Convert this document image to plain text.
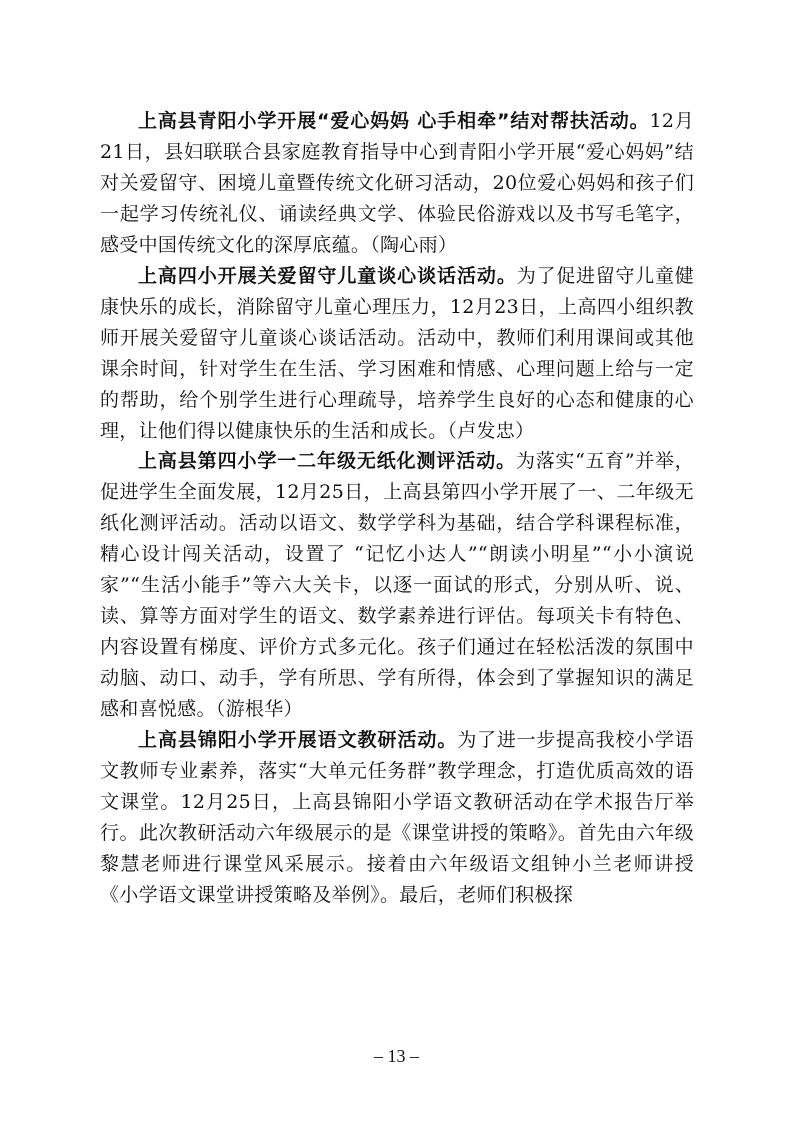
上高县青阳小学开展“爱心妈妈 心手相牵”结对帮扶活动。12月21日，县妇联联合县家庭教育指导中心到青阳小学开展“爱心妈妈”结对关爱留守、困境儿童暨传统文化研习活动，20位爱心妈妈和孩子们一起学习传统礼仪、诵读经典文学、体验民俗游戏以及书写毛笔字，感受中国传统文化的深厚底蕴。（陶心雨）

上高四小开展关爱留守儿童谈心谈话活动。为了促进留守儿童健康快乐的成长，消除留守儿童心理压力，12月23日，上高四小组织教师开展关爱留守儿童谈心谈话活动。活动中，教师们利用课间或其他课余时间，针对学生在生活、学习困难和情感、心理问题上给与一定的帮助，给个别学生进行心理疏导，培养学生良好的心态和健康的心理，让他们得以健康快乐的生活和成长。（卢发忠）

上高县第四小学一二年级无纸化测评活动。为落实“五育”并举，促进学生全面发展，12月25日，上高县第四小学开展了一、二年级无纸化测评活动。活动以语文、数学学科为基础，结合学科课程标准，精心设计闯关活动，设置了 “记忆小达人”“朗读小明星”“小小演说家”“生活小能手”等六大关卡，以逐一面试的形式，分别从听、说、读、算等方面对学生的语文、数学素养进行评估。每项关卡有特色、内容设置有梯度、评价方式多元化。孩子们通过在轻松活泼的氛围中动脑、动口、动手，学有所思、学有所得，体会到了掌握知识的满足感和喜悦感。（游根华）

上高县锦阳小学开展语文教研活动。为了进一步提高我校小学语文教师专业素养，落实“大单元任务群”教学理念，打造优质高效的语文课堂。12月25日，上高县锦阳小学语文教研活动在学术报告厅举行。此次教研活动六年级展示的是《课堂讲授的策略》。首先由六年级黎慧老师进行课堂风采展示。接着由六年级语文组钟小兰老师讲授《小学语文课堂讲授策略及举例》。最后，老师们积极探

– 13 –
